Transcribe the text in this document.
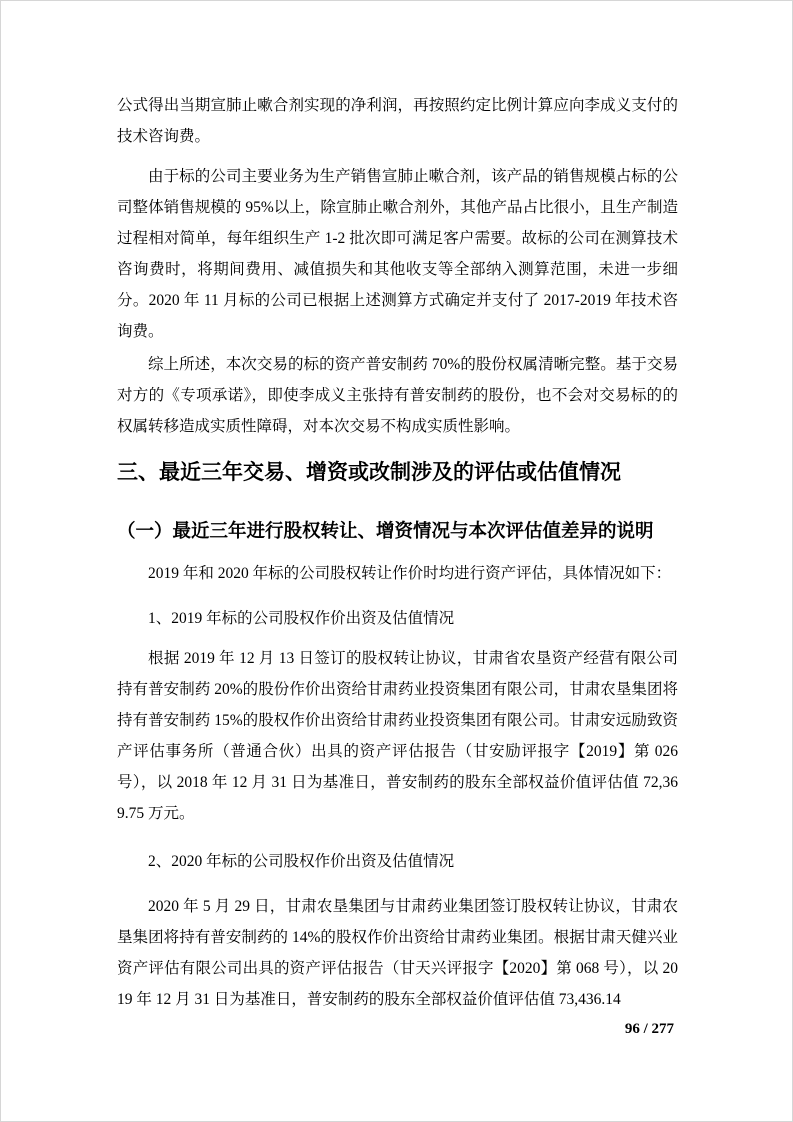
公式得出当期宣肺止嗽合剂实现的净利润，再按照约定比例计算应向李成义支付的技术咨询费。

由于标的公司主要业务为生产销售宣肺止嗽合剂，该产品的销售规模占标的公司整体销售规模的 95%以上，除宣肺止嗽合剂外，其他产品占比很小，且生产制造过程相对简单，每年组织生产 1-2 批次即可满足客户需要。故标的公司在测算技术咨询费时，将期间费用、减值损失和其他收支等全部纳入测算范围，未进一步细分。2020 年 11 月标的公司已根据上述测算方式确定并支付了 2017-2019 年技术咨询费。

综上所述，本次交易的标的资产普安制药 70%的股份权属清晰完整。基于交易对方的《专项承诺》，即使李成义主张持有普安制药的股份，也不会对交易标的的权属转移造成实质性障碍，对本次交易不构成实质性影响。

三、最近三年交易、增资或改制涉及的评估或估值情况
（一）最近三年进行股权转让、增资情况与本次评估值差异的说明

2019 年和 2020 年标的公司股权转让作价时均进行资产评估，具体情况如下：

1、2019 年标的公司股权作价出资及估值情况

根据 2019 年 12 月 13 日签订的股权转让协议，甘肃省农垦资产经营有限公司持有普安制药 20%的股份作价出资给甘肃药业投资集团有限公司，甘肃农垦集团将持有普安制药 15%的股权作价出资给甘肃药业投资集团有限公司。甘肃安远励致资产评估事务所（普通合伙）出具的资产评估报告（甘安励评报字【2019】第 026 号），以 2018 年 12 月 31 日为基准日，普安制药的股东全部权益价值评估值 72,369.75 万元。

2、2020 年标的公司股权作价出资及估值情况

2020 年 5 月 29 日，甘肃农垦集团与甘肃药业集团签订股权转让协议，甘肃农垦集团将持有普安制药的 14%的股权作价出资给甘肃药业集团。根据甘肃天健兴业资产评估有限公司出具的资产评估报告（甘天兴评报字【2020】第 068 号），以 2019 年 12 月 31 日为基准日，普安制药的股东全部权益价值评估值 73,436.14

96 / 277
